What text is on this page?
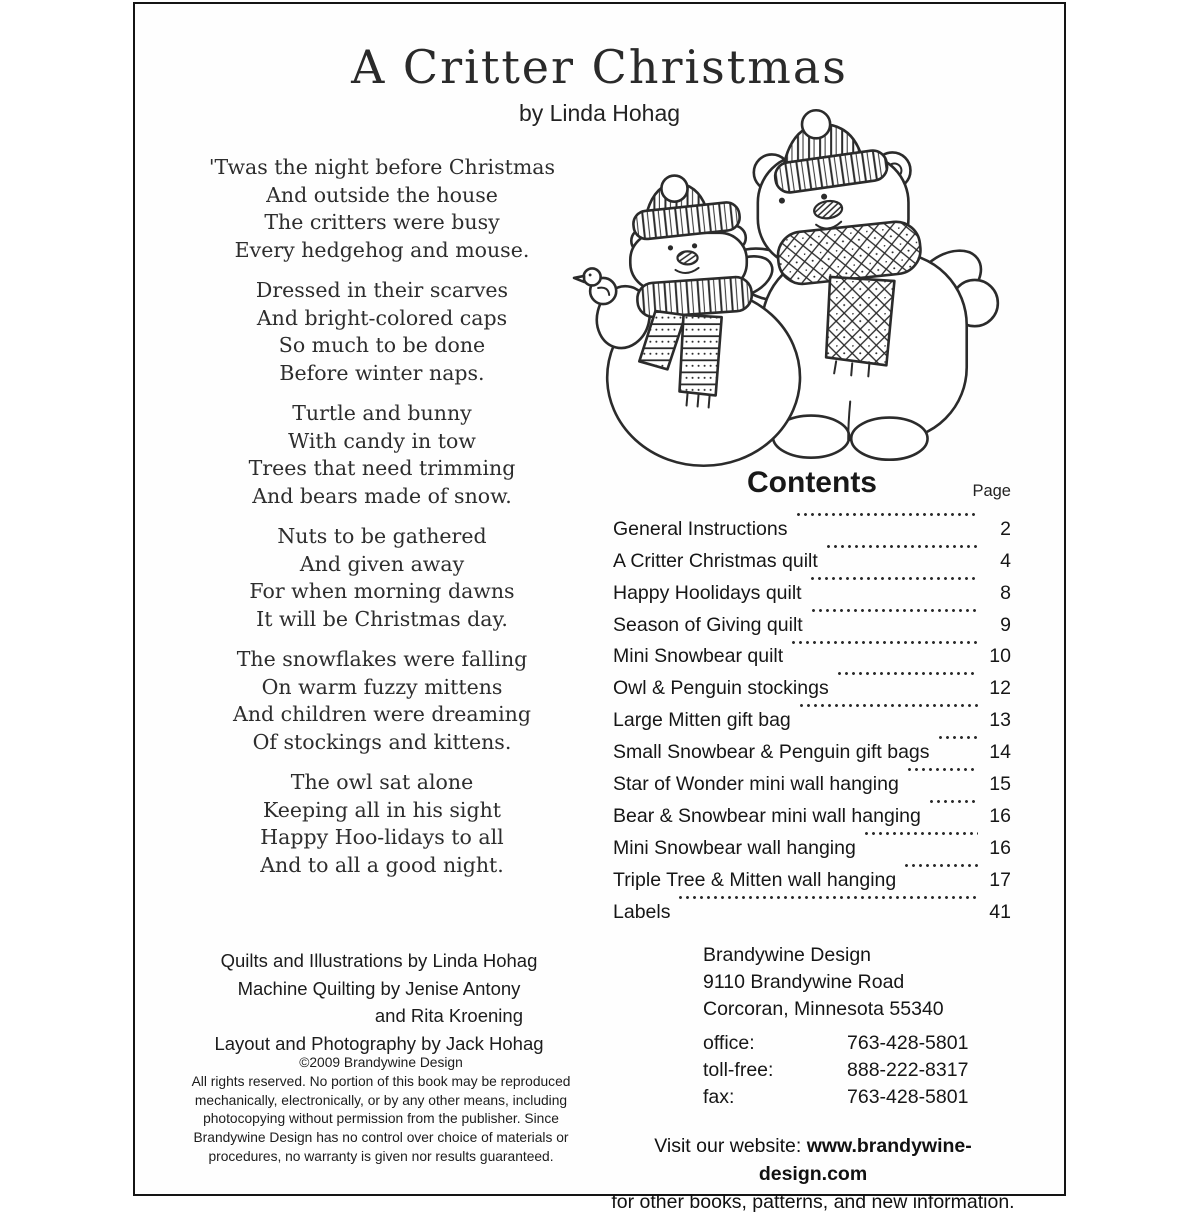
A Critter Christmas
by Linda Hohag

'Twas the night before Christmas
And outside the house
The critters were busy
Every hedgehog and mouse.

Dressed in their scarves
And bright-colored caps
So much to be done
Before winter naps.

Turtle and bunny
With candy in tow
Trees that need trimming
And bears made of snow.

Nuts to be gathered
And given away
For when morning dawns
It will be Christmas day.

The snowflakes were falling
On warm fuzzy mittens
And children were dreaming
Of stockings and kittens.

The owl sat alone
Keeping all in his sight
Happy Hoo-lidays to all
And to all a good night.

Contents	Page
General Instructions	2
A Critter Christmas quilt	4
Happy Hoolidays quilt	8
Season of Giving quilt	9
Mini Snowbear quilt	10
Owl & Penguin stockings	12
Large Mitten gift bag	13
Small Snowbear & Penguin gift bags	14
Star of Wonder mini wall hanging	15
Bear & Snowbear mini wall hanging	16
Mini Snowbear wall hanging	16
Triple Tree & Mitten wall hanging	17
Labels	41
Quilts and Illustrations by Linda Hohag
Machine Quilting by Jenise Antony
and Rita Kroening
Layout and Photography by Jack Hohag
©2009 Brandywine Design
All rights reserved. No portion of this book may be reproduced
mechanically, electronically, or by any other means, including
photocopying without permission from the publisher. Since
Brandywine Design has no control over choice of materials or
procedures, no warranty is given nor results guaranteed.
Brandywine Design
9110 Brandywine Road
Corcoran, Minnesota 55340
office:	763-428-5801
toll-free:	888-222-8317
fax:	763-428-5801
Visit our website: www.brandywine-design.com
for other books, patterns, and new information.
